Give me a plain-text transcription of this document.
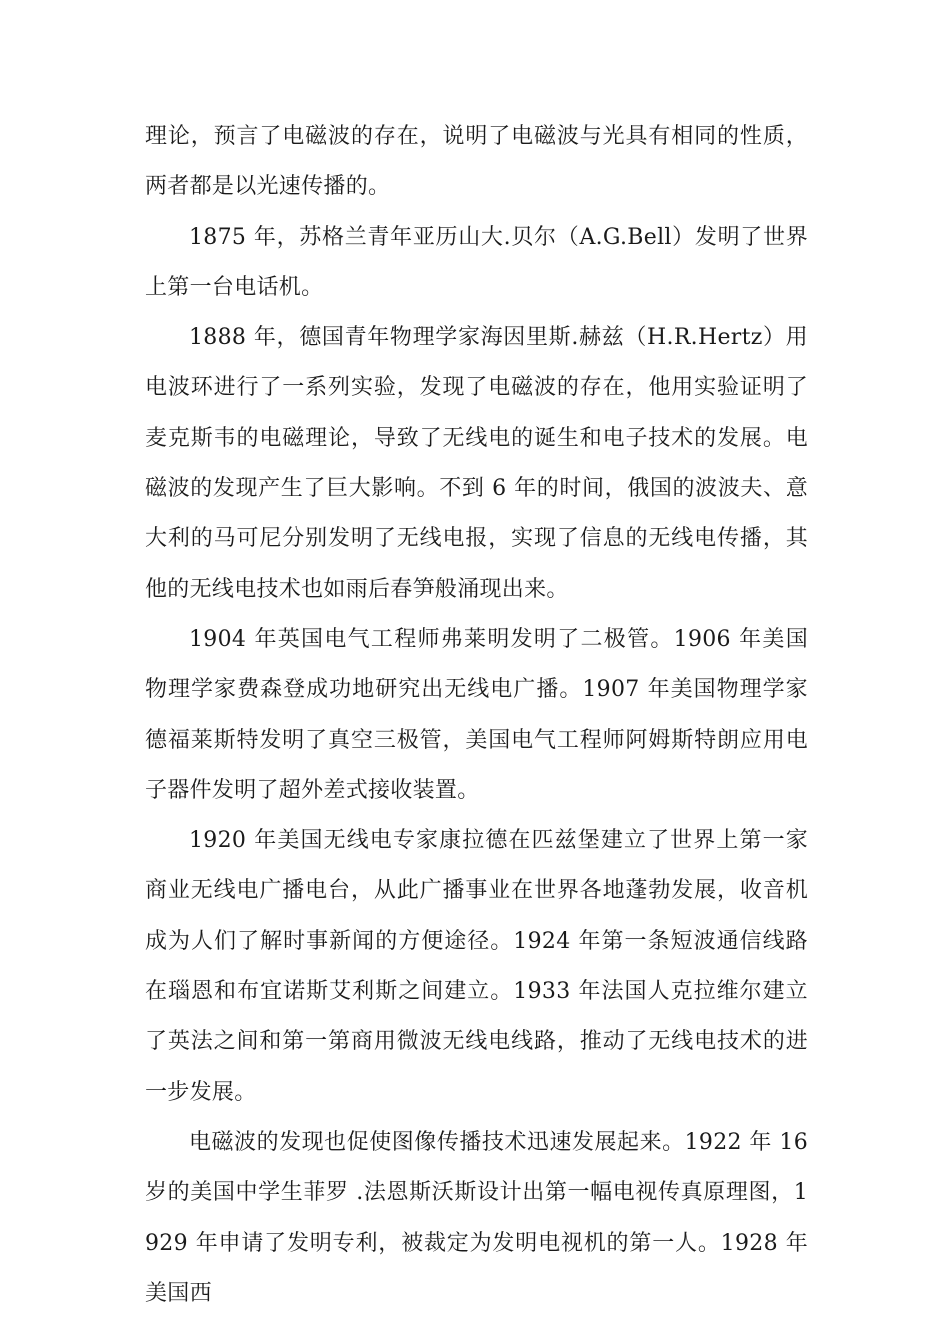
理论，预言了电磁波的存在，说明了电磁波与光具有相同的性质，两者都是以光速传播的。

1875 年，苏格兰青年亚历山大.贝尔（A.G.Bell）发明了世界上第一台电话机。

1888 年，德国青年物理学家海因里斯.赫兹（H.R.Hertz）用电波环进行了一系列实验，发现了电磁波的存在，他用实验证明了麦克斯韦的电磁理论，导致了无线电的诞生和电子技术的发展。电磁波的发现产生了巨大影响。不到 6 年的时间，俄国的波波夫、意大利的马可尼分别发明了无线电报，实现了信息的无线电传播，其他的无线电技术也如雨后春笋般涌现出来。

1904 年英国电气工程师弗莱明发明了二极管。1906 年美国物理学家费森登成功地研究出无线电广播。1907 年美国物理学家德福莱斯特发明了真空三极管，美国电气工程师阿姆斯特朗应用电子器件发明了超外差式接收装置。

1920 年美国无线电专家康拉德在匹兹堡建立了世界上第一家商业无线电广播电台，从此广播事业在世界各地蓬勃发展，收音机成为人们了解时事新闻的方便途径。1924 年第一条短波通信线路在瑙恩和布宜诺斯艾利斯之间建立。1933 年法国人克拉维尔建立了英法之间和第一第商用微波无线电线路，推动了无线电技术的进一步发展。

电磁波的发现也促使图像传播技术迅速发展起来。1922 年 16 岁的美国中学生菲罗 .法恩斯沃斯设计出第一幅电视传真原理图，1929 年申请了发明专利，被裁定为发明电视机的第一人。1928 年美国西
